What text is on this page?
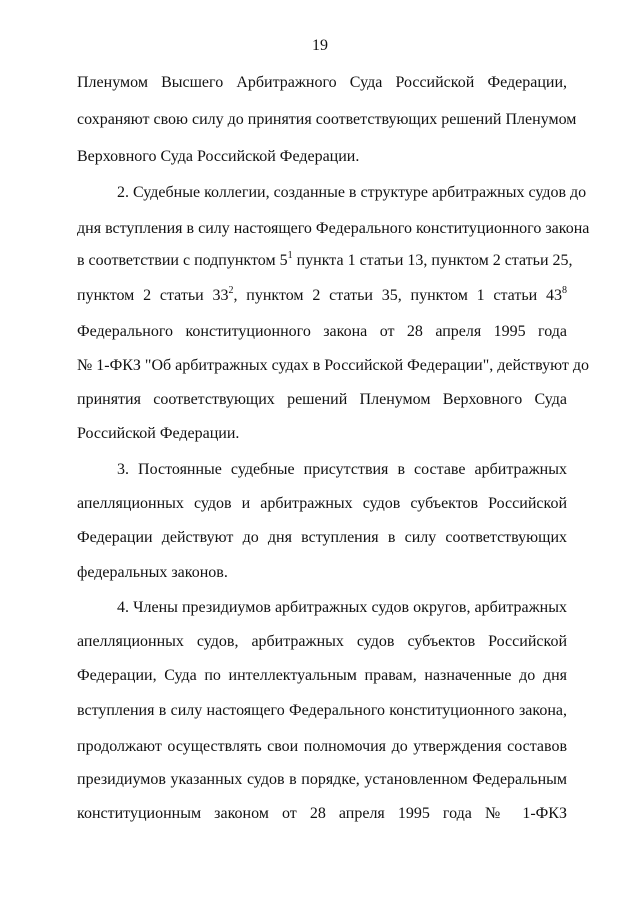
19
Пленумом Высшего Арбитражного Суда Российской Федерации,
сохраняют свою силу до принятия соответствующих решений Пленумом
Верховного Суда Российской Федерации.
2. Судебные коллегии, созданные в структуре арбитражных судов до
дня вступления в силу настоящего Федерального конституционного закона
в соответствии с подпунктом $5^1$ пункта 1 статьи 13, пунктом 2 статьи 25,
пунктом 2 статьи $33^2$, пунктом 2 статьи 35, пунктом 1 статьи $43^8$
Федерального конституционного закона от 28 апреля 1995 года
№ 1-ФКЗ "Об арбитражных судах в Российской Федерации", действуют до
принятия соответствующих решений Пленумом Верховного Суда
Российской Федерации.
3. Постоянные судебные присутствия в составе арбитражных
апелляционных судов и арбитражных судов субъектов Российской
Федерации действуют до дня вступления в силу соответствующих
федеральных законов.
4. Члены президиумов арбитражных судов округов, арбитражных
апелляционных судов, арбитражных судов субъектов Российской
Федерации, Суда по интеллектуальным правам, назначенные до дня
вступления в силу настоящего Федерального конституционного закона,
продолжают осуществлять свои полномочия до утверждения составов
президиумов указанных судов в порядке, установленном Федеральным
конституционным законом от 28 апреля 1995 года № 1-ФКЗ
